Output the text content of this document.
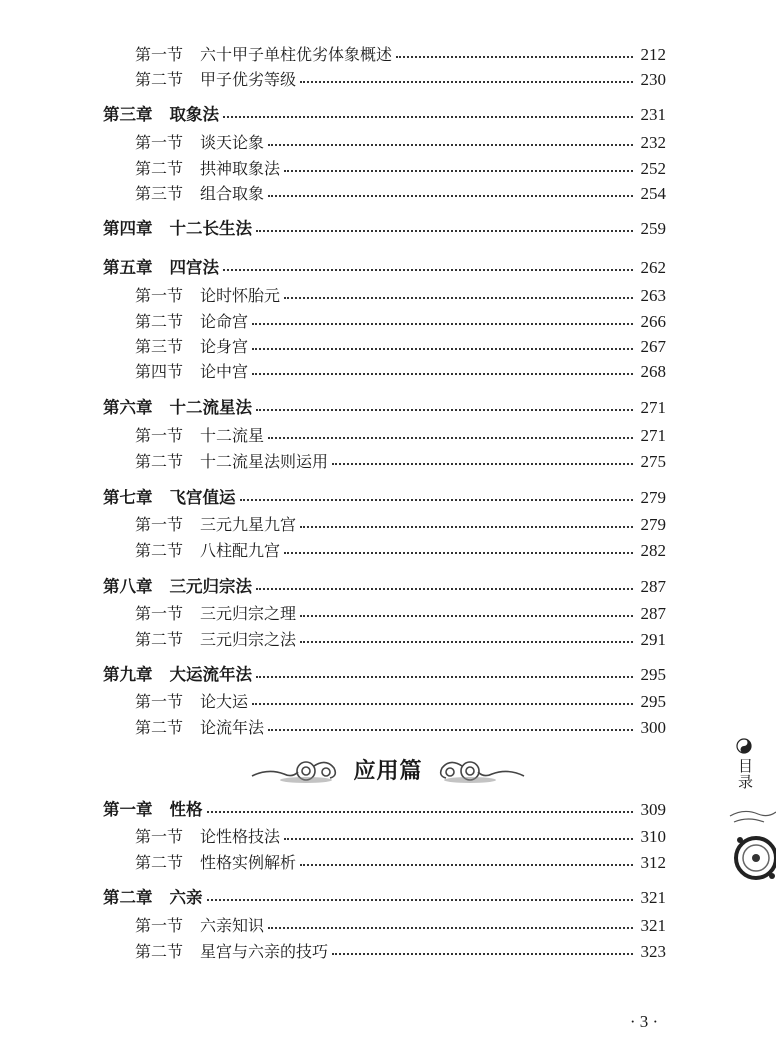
第一节 六十甲子单柱优劣体象概述	212
第二节 甲子优劣等级	230
第三章 取象法	231
第一节 谈天论象	232
第二节 拱神取象法	252
第三节 组合取象	254
第四章 十二长生法	259
第五章 四宫法	262
第一节 论时怀胎元	263
第二节 论命宫	266
第三节 论身宫	267
第四节 论中宫	268
第六章 十二流星法	271
第一节 十二流星	271
第二节 十二流星法则运用	275
第七章 飞宫值运	279
第一节 三元九星九宫	279
第二节 八柱配九宫	282
第八章 三元归宗法	287
第一节 三元归宗之理	287
第二节 三元归宗之法	291
第九章 大运流年法	295
第一节 论大运	295
第二节 论流年法	300
应用篇
第一章 性格	309
第一节 论性格技法	310
第二节 性格实例解析	312
第二章 六亲	321
第一节 六亲知识	321
第二节 星宫与六亲的技巧	323
目录
· 3 ·
